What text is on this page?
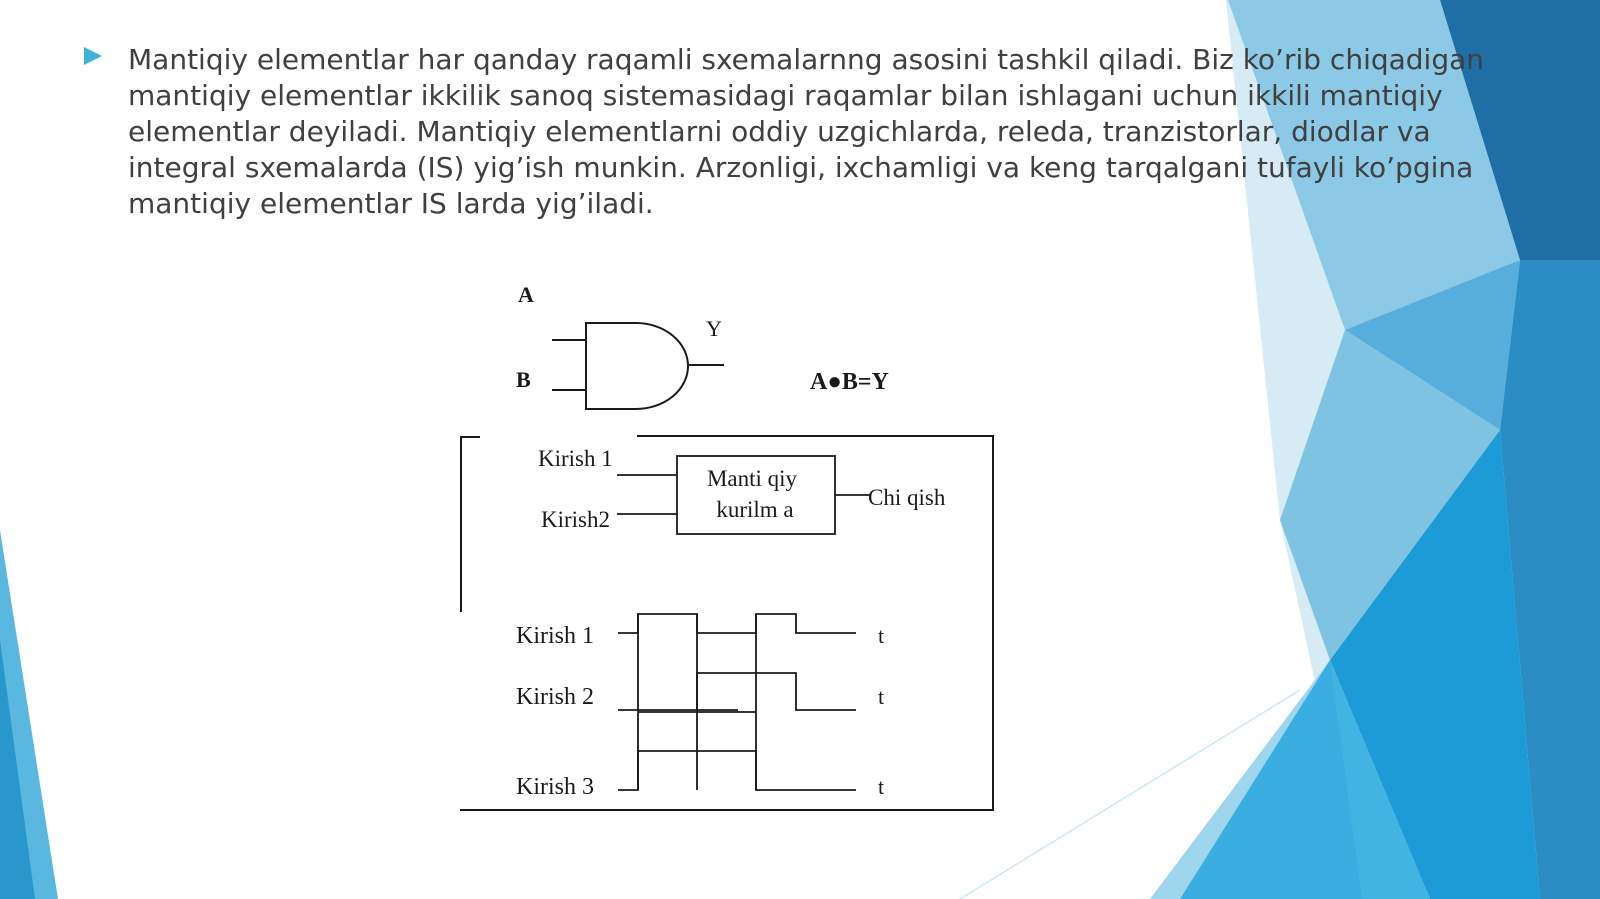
Mantiqiy elementlar har qanday raqamli sxemalarnng asosini tashkil qiladi. Biz ko’rib chiqadigan mantiqiy elementlar ikkilik sanoq sistemasidagi raqamlar bilan ishlagani uchun ikkili mantiqiy elementlar deyiladi. Mantiqiy elementlarni oddiy uzgichlarda, releda, tranzistorlar, diodlar va integral sxemalarda (IS) yig’ish munkin. Arzonligi, ixchamligi va keng tarqalgani tufayli ko’pgina mantiqiy elementlar IS larda yig’iladi.

A
B
Y
A●B=Y
Kirish 1
Kirish2
Manti qiy
kurilm a	Chi qish
Kirish 1
Kirish 2
Kirish 3
t
t
t
